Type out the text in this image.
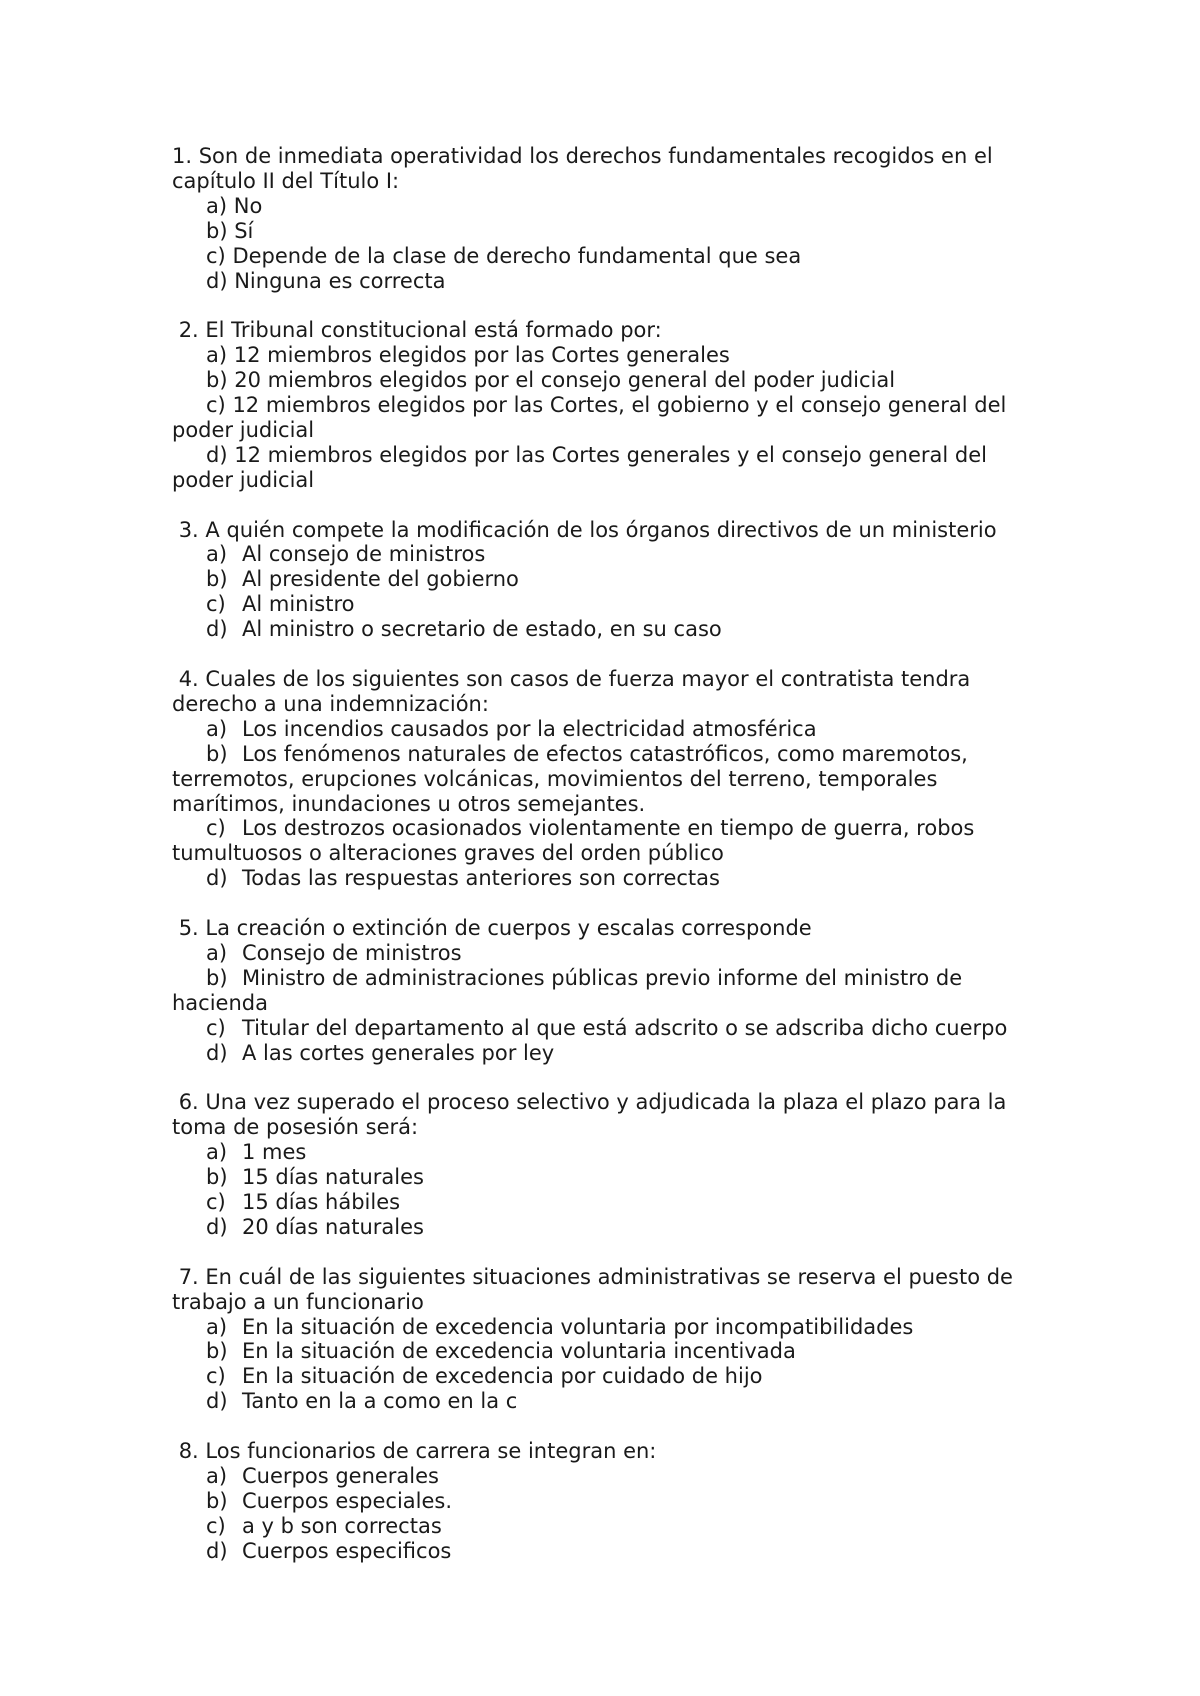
1. Son de inmediata operatividad los derechos fundamentales recogidos en el capítulo II del Título I:
a) No
b) Sí
c) Depende de la clase de derecho fundamental que sea
d) Ninguna es correcta
2. El Tribunal constitucional está formado por:
a) 12 miembros elegidos por las Cortes generales
b) 20 miembros elegidos por el consejo general del poder judicial
c) 12 miembros elegidos por las Cortes, el gobierno y el consejo general del
poder judicial
d) 12 miembros elegidos por las Cortes generales y el consejo general del
poder judicial
3. A quién compete la modificación de los órganos directivos de un ministerio
a) Al consejo de ministros
b) Al presidente del gobierno
c) Al ministro
d) Al ministro o secretario de estado, en su caso
4. Cuales de los siguientes son casos de fuerza mayor el contratista tendra derecho a una indemnización:
a) Los incendios causados por la electricidad atmosférica
b) Los fenómenos naturales de efectos catastróficos, como maremotos,
terremotos, erupciones volcánicas, movimientos del terreno, temporales marítimos, inundaciones u otros semejantes.
c) Los destrozos ocasionados violentamente en tiempo de guerra, robos
tumultuosos o alteraciones graves del orden público
d) Todas las respuestas anteriores son correctas
5. La creación o extinción de cuerpos y escalas corresponde
a) Consejo de ministros
b) Ministro de administraciones públicas previo informe del ministro de
hacienda
c) Titular del departamento al que está adscrito o se adscriba dicho cuerpo
d) A las cortes generales por ley
6. Una vez superado el proceso selectivo y adjudicada la plaza el plazo para la toma de posesión será:
a) 1 mes
b) 15 días naturales
c) 15 días hábiles
d) 20 días naturales
7. En cuál de las siguientes situaciones administrativas se reserva el puesto de trabajo a un funcionario
a) En la situación de excedencia voluntaria por incompatibilidades
b) En la situación de excedencia voluntaria incentivada
c) En la situación de excedencia por cuidado de hijo
d) Tanto en la a como en la c
8. Los funcionarios de carrera se integran en:
a) Cuerpos generales
b) Cuerpos especiales.
c) a y b son correctas
d) Cuerpos especificos
